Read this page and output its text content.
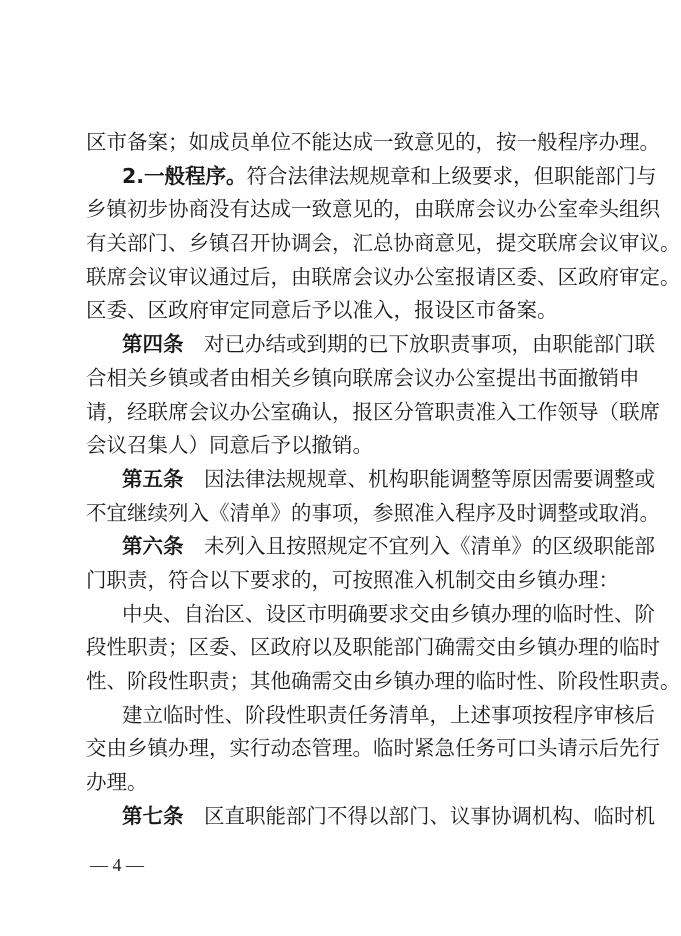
区市备案；如成员单位不能达成一致意见的，按一般程序办理。
2.一般程序。符合法律法规规章和上级要求，但职能部门与
乡镇初步协商没有达成一致意见的，由联席会议办公室牵头组织
有关部门、乡镇召开协调会，汇总协商意见，提交联席会议审议。
联席会议审议通过后，由联席会议办公室报请区委、区政府审定。
区委、区政府审定同意后予以准入，报设区市备案。
第四条　对已办结或到期的已下放职责事项，由职能部门联
合相关乡镇或者由相关乡镇向联席会议办公室提出书面撤销申
请，经联席会议办公室确认，报区分管职责准入工作领导（联席
会议召集人）同意后予以撤销。
第五条　因法律法规规章、机构职能调整等原因需要调整或
不宜继续列入《清单》的事项，参照准入程序及时调整或取消。
第六条　未列入且按照规定不宜列入《清单》的区级职能部
门职责，符合以下要求的，可按照准入机制交由乡镇办理：
中央、自治区、设区市明确要求交由乡镇办理的临时性、阶
段性职责；区委、区政府以及职能部门确需交由乡镇办理的临时
性、阶段性职责；其他确需交由乡镇办理的临时性、阶段性职责。
建立临时性、阶段性职责任务清单，上述事项按程序审核后
交由乡镇办理，实行动态管理。临时紧急任务可口头请示后先行
办理。
第七条　区直职能部门不得以部门、议事协调机构、临时机
— 4 —
